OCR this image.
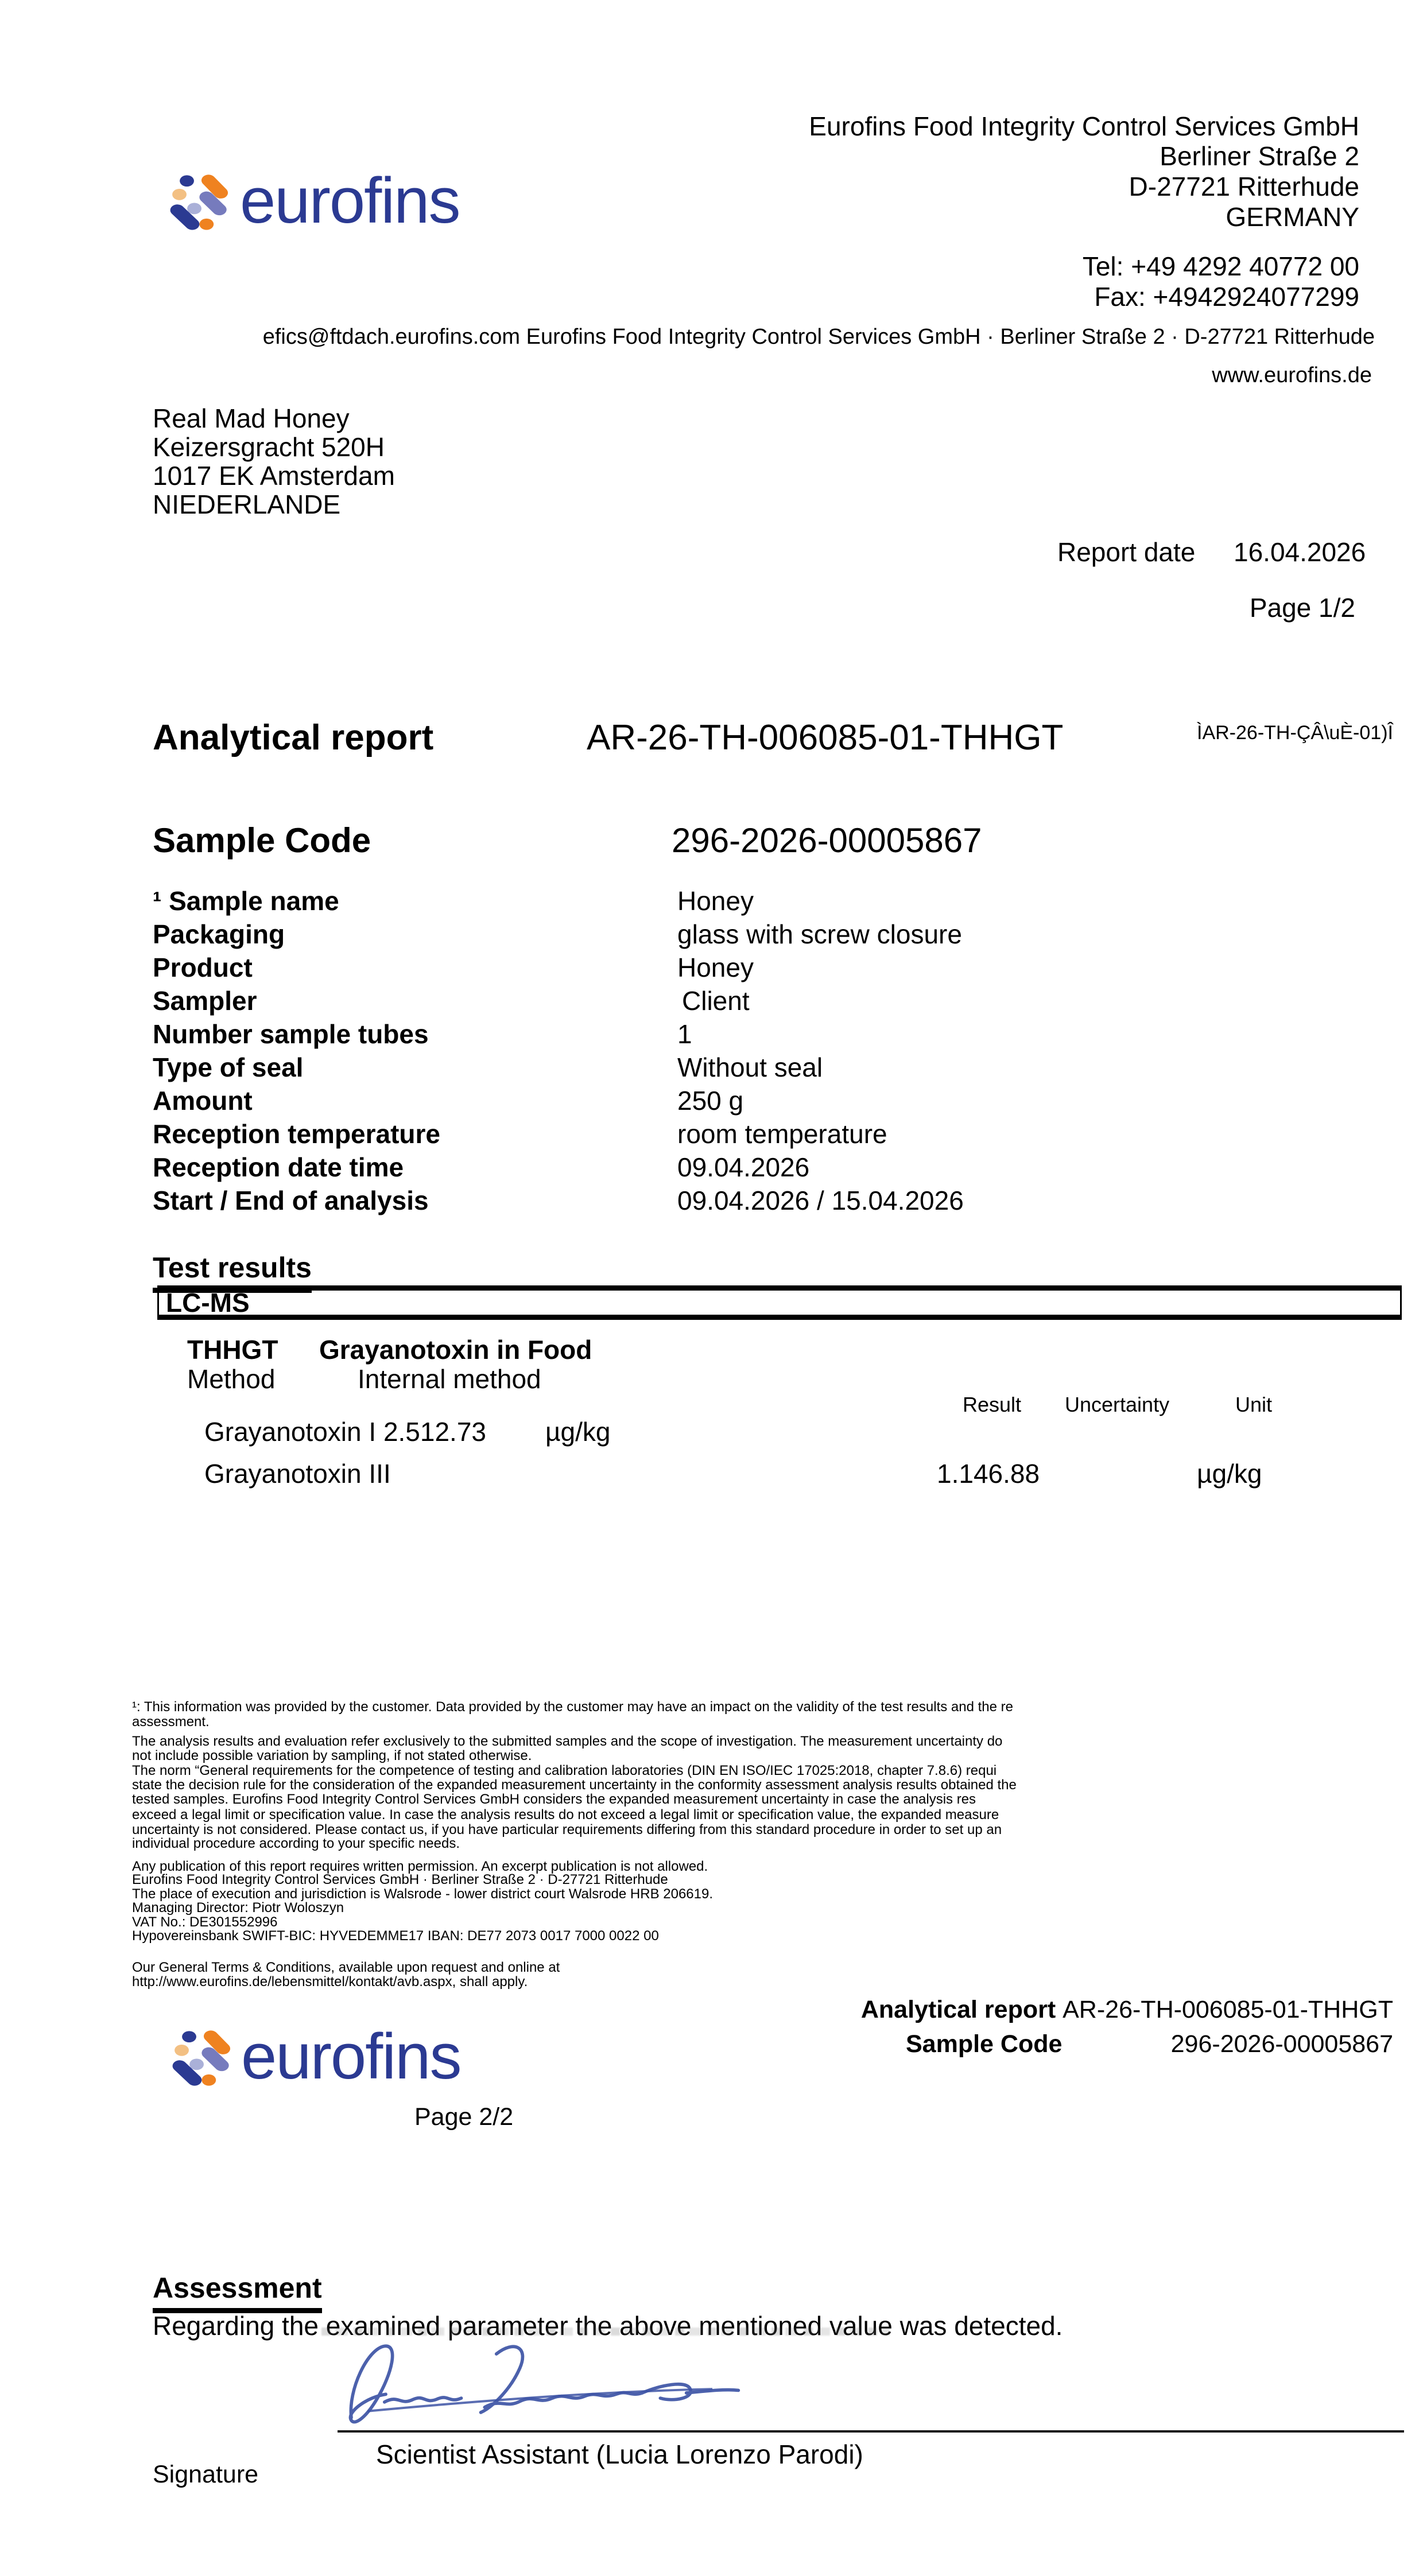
eurofins
Eurofins Food Integrity Control Services GmbH
Berliner Straße 2
D-27721 Ritterhude
GERMANY
Tel: +49 4292 40772 00
Fax: +4942924077299
efics@ftdach.eurofins.com Eurofins Food Integrity Control Services GmbH · Berliner Straße 2 · D-27721 Ritterhude
www.eurofins.de
Real Mad Honey
Keizersgracht 520H
1017 EK Amsterdam
NIEDERLANDE
Report date 16.04.2026
Page 1/2
Analytical report	AR-26-TH-006085-01-THHGT	ÌAR-26-TH-ÇÂ\uÈ-01)Î
Sample Code	296-2026-00005867
¹ Sample name	Honey
Packaging	glass with screw closure
Product	Honey
Sampler	Client
Number sample tubes	1
Type of seal	Without seal
Amount	250 g
Reception temperature	room temperature
Reception date time	09.04.2026
Start / End of analysis	09.04.2026 / 15.04.2026
Test results
LC-MS
THHGT Grayanotoxin in Food
Method	Internal method
Result Uncertainty	Unit
Grayanotoxin I 2.512.73 µg/kg
Grayanotoxin III	1.146.88	µg/kg
¹: This information was provided by the customer. Data provided by the customer may have an impact on the validity of the test results and the re
assessment.
The analysis results and evaluation refer exclusively to the submitted samples and the scope of investigation. The measurement uncertainty do
not include possible variation by sampling, if not stated otherwise.
The norm “General requirements for the competence of testing and calibration laboratories (DIN EN ISO/IEC 17025:2018, chapter 7.8.6) requi
state the decision rule for the consideration of the expanded measurement uncertainty in the conformity assessment analysis results obtained the
tested samples. Eurofins Food Integrity Control Services GmbH considers the expanded measurement uncertainty in case the analysis res
exceed a legal limit or specification value. In case the analysis results do not exceed a legal limit or specification value, the expanded measure
uncertainty is not considered. Please contact us, if you have particular requirements differing from this standard procedure in order to set up an
individual procedure according to your specific needs.
Any publication of this report requires written permission. An excerpt publication is not allowed.
Eurofins Food Integrity Control Services GmbH · Berliner Straße 2 · D-27721 Ritterhude
The place of execution and jurisdiction is Walsrode - lower district court Walsrode HRB 206619.
Managing Director: Piotr Woloszyn
VAT No.: DE301552996
Hypovereinsbank SWIFT-BIC: HYVEDEMME17 IBAN: DE77 2073 0017 7000 0022 00
Our General Terms & Conditions, available upon request and online at
http://www.eurofins.de/lebensmittel/kontakt/avb.aspx, shall apply.
Analytical report AR-26-TH-006085-01-THHGT
Sample Code	296-2026-00005867
eurofins
Page 2/2
Assessment
Regarding the examined parameter the above mentioned value was detected.
Scientist Assistant (Lucia Lorenzo Parodi)
Signature
